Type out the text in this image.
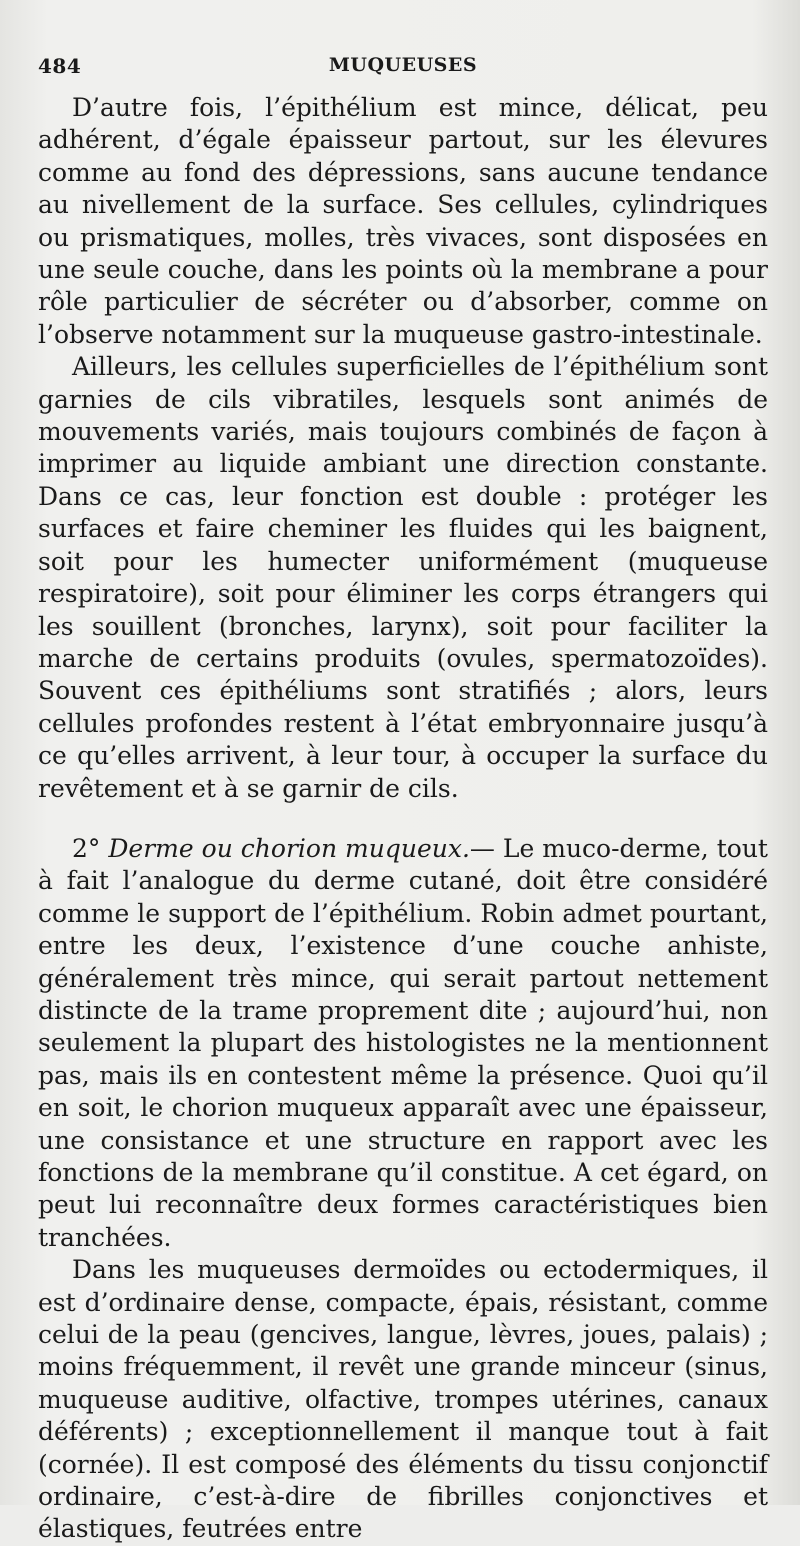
484	MUQUEUSES

D’autre fois, l’épithélium est mince, délicat, peu adhérent, d’égale épaisseur partout, sur les élevures comme au fond des dépressions, sans aucune tendance au nivellement de la surface. Ses cellules, cylindriques ou prismatiques, molles, très vivaces, sont disposées en une seule couche, dans les points où la membrane a pour rôle particulier de sécréter ou d’absorber, comme on l’observe notamment sur la muqueuse gastro-intestinale.

Ailleurs, les cellules superficielles de l’épithélium sont garnies de cils vibratiles, lesquels sont animés de mouvements variés, mais toujours combinés de façon à imprimer au liquide ambiant une direction constante. Dans ce cas, leur fonction est double : protéger les surfaces et faire cheminer les fluides qui les baignent, soit pour les humecter uniformément (muqueuse respiratoire), soit pour éliminer les corps étrangers qui les souillent (bronches, larynx), soit pour faciliter la marche de certains produits (ovules, spermatozoïdes). Souvent ces épithéliums sont stratifiés ; alors, leurs cellules profondes restent à l’état embryonnaire jusqu’à ce qu’elles arrivent, à leur tour, à occuper la surface du revêtement et à se garnir de cils.

2° Derme ou chorion muqueux.— Le muco-derme, tout à fait l’analogue du derme cutané, doit être considéré comme le support de l’épithélium. Robin admet pourtant, entre les deux, l’existence d’une couche anhiste, généralement très mince, qui serait partout nettement distincte de la trame proprement dite ; aujourd’hui, non seulement la plupart des histologistes ne la mentionnent pas, mais ils en contestent même la présence. Quoi qu’il en soit, le chorion muqueux apparaît avec une épaisseur, une consistance et une structure en rapport avec les fonctions de la membrane qu’il constitue. A cet égard, on peut lui reconnaître deux formes caractéristiques bien tranchées.

Dans les muqueuses dermoïdes ou ectodermiques, il est d’ordinaire dense, compacte, épais, résistant, comme celui de la peau (gencives, langue, lèvres, joues, palais) ; moins fréquemment, il revêt une grande minceur (sinus, muqueuse auditive, olfactive, trompes utérines, canaux déférents) ; exceptionnellement il manque tout à fait (cornée). Il est composé des éléments du tissu conjonctif ordinaire, c’est-à-dire de fibrilles conjonctives et élastiques, feutrées entre
